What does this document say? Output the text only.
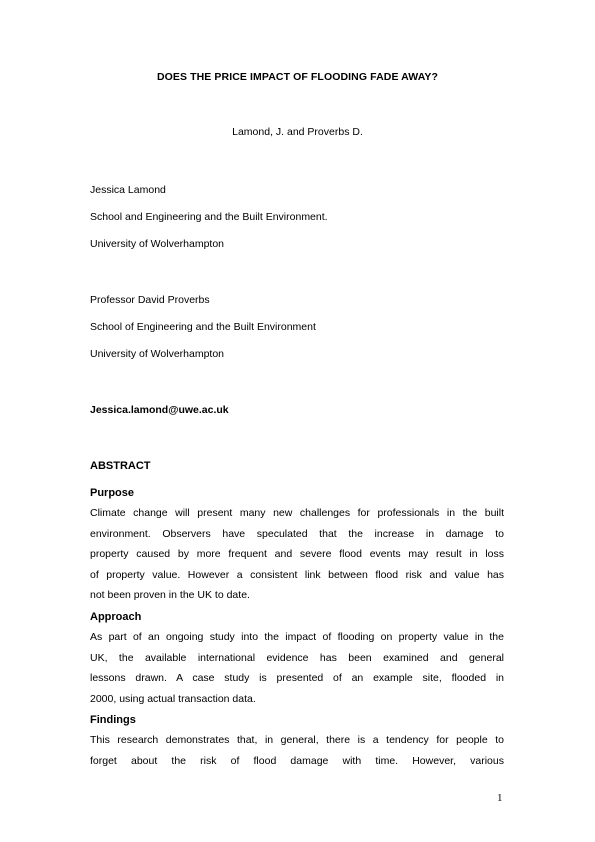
DOES THE PRICE IMPACT OF FLOODING FADE AWAY?
Lamond, J. and Proverbs D.
Jessica Lamond
School and Engineering and the Built Environment.
University of Wolverhampton
Professor David Proverbs
School of Engineering and the Built Environment
University of Wolverhampton
Jessica.lamond@uwe.ac.uk
ABSTRACT
Purpose
Climate change will present many new challenges for professionals in the built
environment. Observers have speculated that the increase in damage to
property caused by more frequent and severe flood events may result in loss
of property value. However a consistent link between flood risk and value has
not been proven in the UK to date.
Approach
As part of an ongoing study into the impact of flooding on property value in the
UK, the available international evidence has been examined and general
lessons drawn. A case study is presented of an example site, flooded in
2000, using actual transaction data.
Findings
This research demonstrates that, in general, there is a tendency for people to
forget about the risk of flood damage with time. However, various
1
